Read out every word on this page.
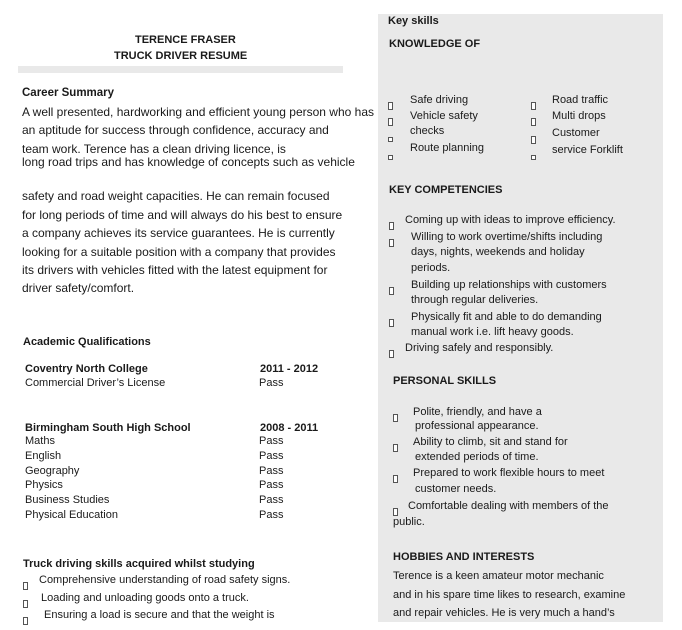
TERENCE FRASER
TRUCK DRIVER RESUME
Career Summary
A well presented, hardworking and efficient young person who has
an aptitude for success through confidence, accuracy and
team work. Terence has a clean driving licence, is
long road trips and has knowledge of concepts such as vehicle
safety and road weight capacities. He can remain focused
for long periods of time and will always do his best to ensure
a company achieves its service guarantees. He is currently
looking for a suitable position with a company that provides
its drivers with vehicles fitted with the latest equipment for
driver safety/comfort.
Academic Qualifications
Coventry North College	2011 - 2012
Commercial Driver’s License	Pass
Birmingham South High School	2008 - 2011
Maths	Pass
English	Pass
Geography	Pass
Physics	Pass
Business Studies	Pass
Physical Education	Pass
Truck driving skills acquired whilst studying
Comprehensive understanding of road safety signs.
Loading and unloading goods onto a truck.
Ensuring a load is secure and that the weight is
Key skills
KNOWLEDGE OF
Safe driving
Vehicle safety
checks
Route planning
Road traffic
Multi drops
Customer
service Forklift
KEY COMPETENCIES
Coming up with ideas to improve efficiency.
Willing to work overtime/shifts including
days, nights, weekends and holiday
periods.
Building up relationships with customers
through regular deliveries.
Physically fit and able to do demanding
manual work i.e. lift heavy goods.
Driving safely and responsibly.
PERSONAL SKILLS
Polite, friendly, and have a
professional appearance.
Ability to climb, sit and stand for
extended periods of time.
Prepared to work flexible hours to meet
customer needs.
Comfortable dealing with members of the
public.
HOBBIES AND INTERESTS
Terence is a keen amateur motor mechanic
and in his spare time likes to research, examine
and repair vehicles. He is very much a hand’s
